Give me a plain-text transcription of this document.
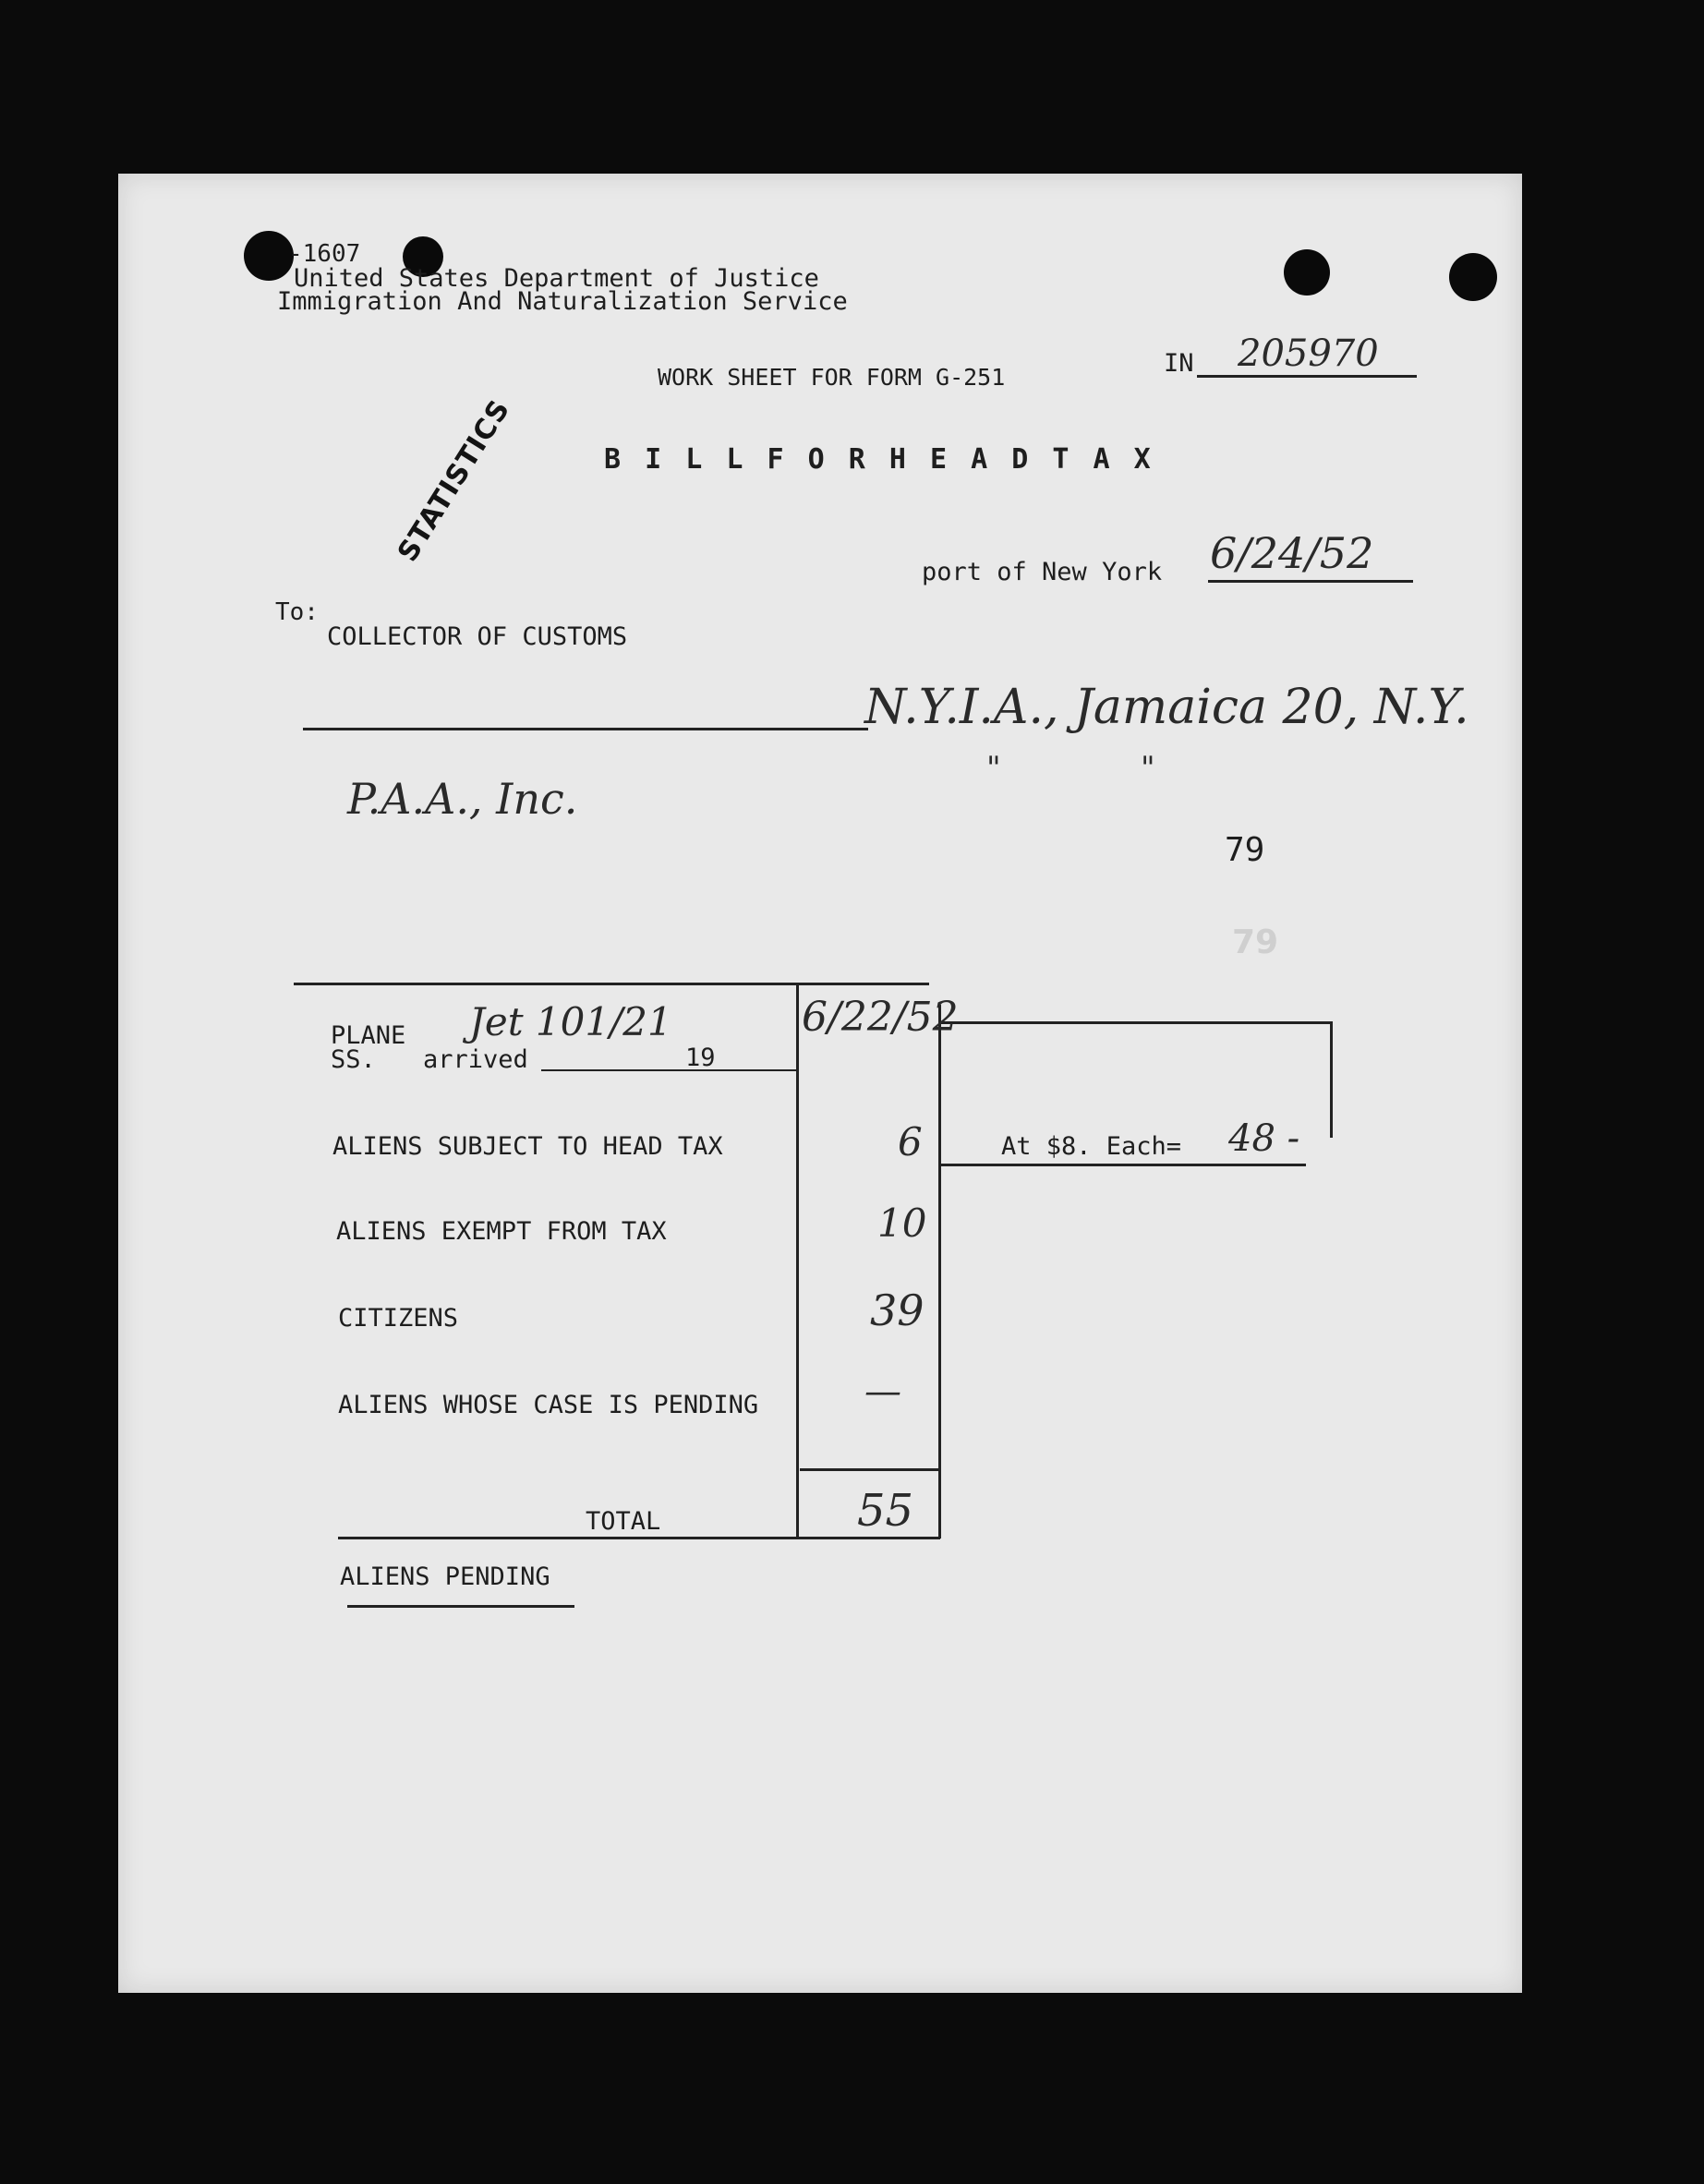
-1607
United States Department of Justice
Immigration And Naturalization Service
WORK SHEET FOR FORM G-251	IN 205970
B I L L F O R H E A D T A X
STATISTICS
port of New York 6/24/52
To:
COLLECTOR OF CUSTOMS
N.Y.I.A., Jamaica 20, N.Y.
"              "
P.A.A., Inc.
79
79
PLANE Jet 101/21
SS. arrived	19
6/22/52
ALIENS SUBJECT TO HEAD TAX	6	At $8. Each= 48 -
ALIENS EXEMPT FROM TAX	10
CITIZENS	39
ALIENS WHOSE CASE IS PENDING	—
TOTAL	55
ALIENS PENDING
